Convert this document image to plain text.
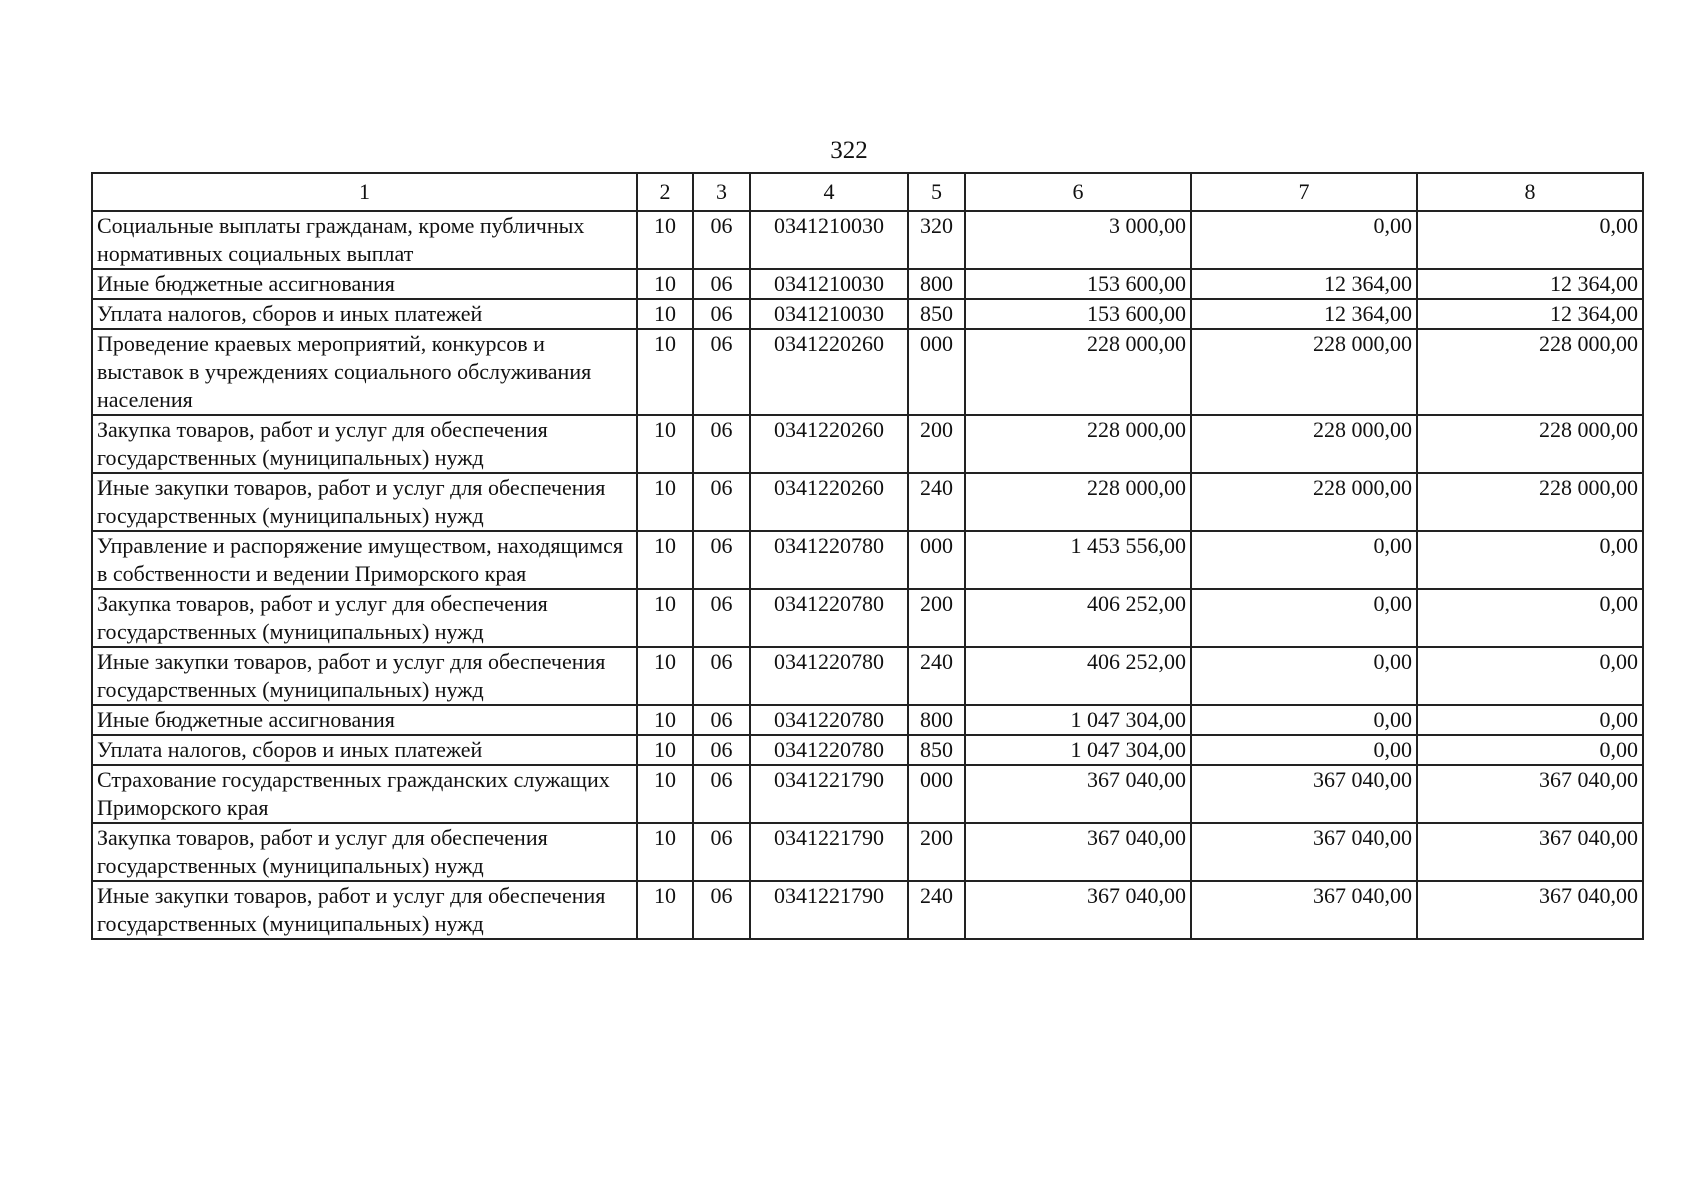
322
1	2	3	4	5	6	7	8
Социальные выплаты гражданам, кроме публичных нормативных социальных выплат	10	06	0341210030	320	3 000,00	0,00	0,00
Иные бюджетные ассигнования	10	06	0341210030	800	153 600,00	12 364,00	12 364,00
Уплата налогов, сборов и иных платежей	10	06	0341210030	850	153 600,00	12 364,00	12 364,00
Проведение краевых мероприятий, конкурсов и выставок в учреждениях социального обслуживания населения	10	06	0341220260	000	228 000,00	228 000,00	228 000,00
Закупка товаров, работ и услуг для обеспечения государственных (муниципальных) нужд	10	06	0341220260	200	228 000,00	228 000,00	228 000,00
Иные закупки товаров, работ и услуг для обеспечения государственных (муниципальных) нужд	10	06	0341220260	240	228 000,00	228 000,00	228 000,00
Управление и распоряжение имуществом, находящимся в собственности и ведении Приморского края	10	06	0341220780	000	1 453 556,00	0,00	0,00
Закупка товаров, работ и услуг для обеспечения государственных (муниципальных) нужд	10	06	0341220780	200	406 252,00	0,00	0,00
Иные закупки товаров, работ и услуг для обеспечения государственных (муниципальных) нужд	10	06	0341220780	240	406 252,00	0,00	0,00
Иные бюджетные ассигнования	10	06	0341220780	800	1 047 304,00	0,00	0,00
Уплата налогов, сборов и иных платежей	10	06	0341220780	850	1 047 304,00	0,00	0,00
Страхование государственных гражданских служащих Приморского края	10	06	0341221790	000	367 040,00	367 040,00	367 040,00
Закупка товаров, работ и услуг для обеспечения государственных (муниципальных) нужд	10	06	0341221790	200	367 040,00	367 040,00	367 040,00
Иные закупки товаров, работ и услуг для обеспечения государственных (муниципальных) нужд	10	06	0341221790	240	367 040,00	367 040,00	367 040,00
